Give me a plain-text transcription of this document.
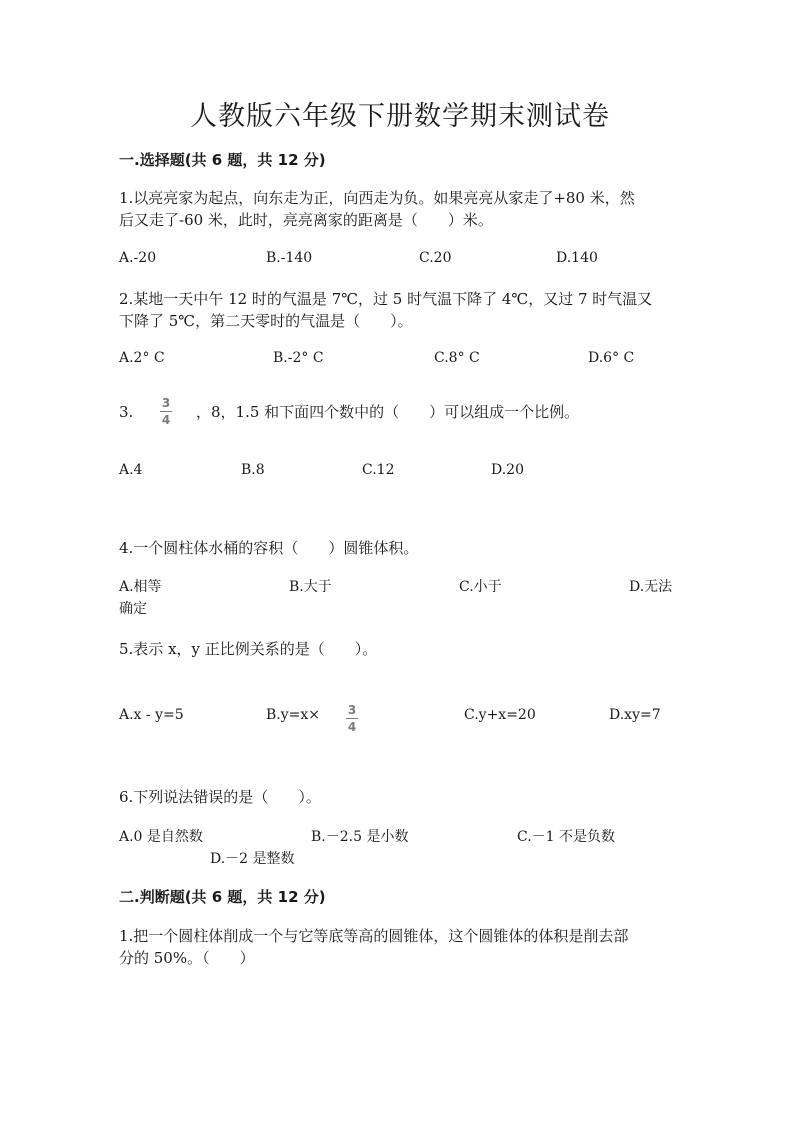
人教版六年级下册数学期末测试卷
一.选择题(共 6 题，共 12 分)
1.以亮亮家为起点，向东走为正，向西走为负。如果亮亮从家走了+80 米，然
后又走了-60 米，此时，亮亮离家的距离是（　　）米。
A.-20	B.-140	C.20	D.140
2.某地一天中午 12 时的气温是 7℃，过 5 时气温下降了 4℃，又过 7 时气温又
下降了 5℃，第二天零时的气温是（　　）。
A.2° C	B.-2° C	C.8° C	D.6° C
3. 3
4 ，8，1.5 和下面四个数中的（　　）可以组成一个比例。
A.4	B.8	C.12	D.20
4.一个圆柱体水桶的容积（　　）圆锥体积。
A.相等	B.大于	C.小于	D.无法
确定
5.表示 x，y 正比例关系的是（　　）。
A.x - y=5	B.y=x× 3
4
C.y+x=20	D.xy=7
6.下列说法错误的是（　　）。
A.0 是自然数	B.－2.5 是小数	C.－1 不是负数
D.－2 是整数
二.判断题(共 6 题，共 12 分)
1.把一个圆柱体削成一个与它等底等高的圆锥体，这个圆锥体的体积是削去部
分的 50%。（　　）
